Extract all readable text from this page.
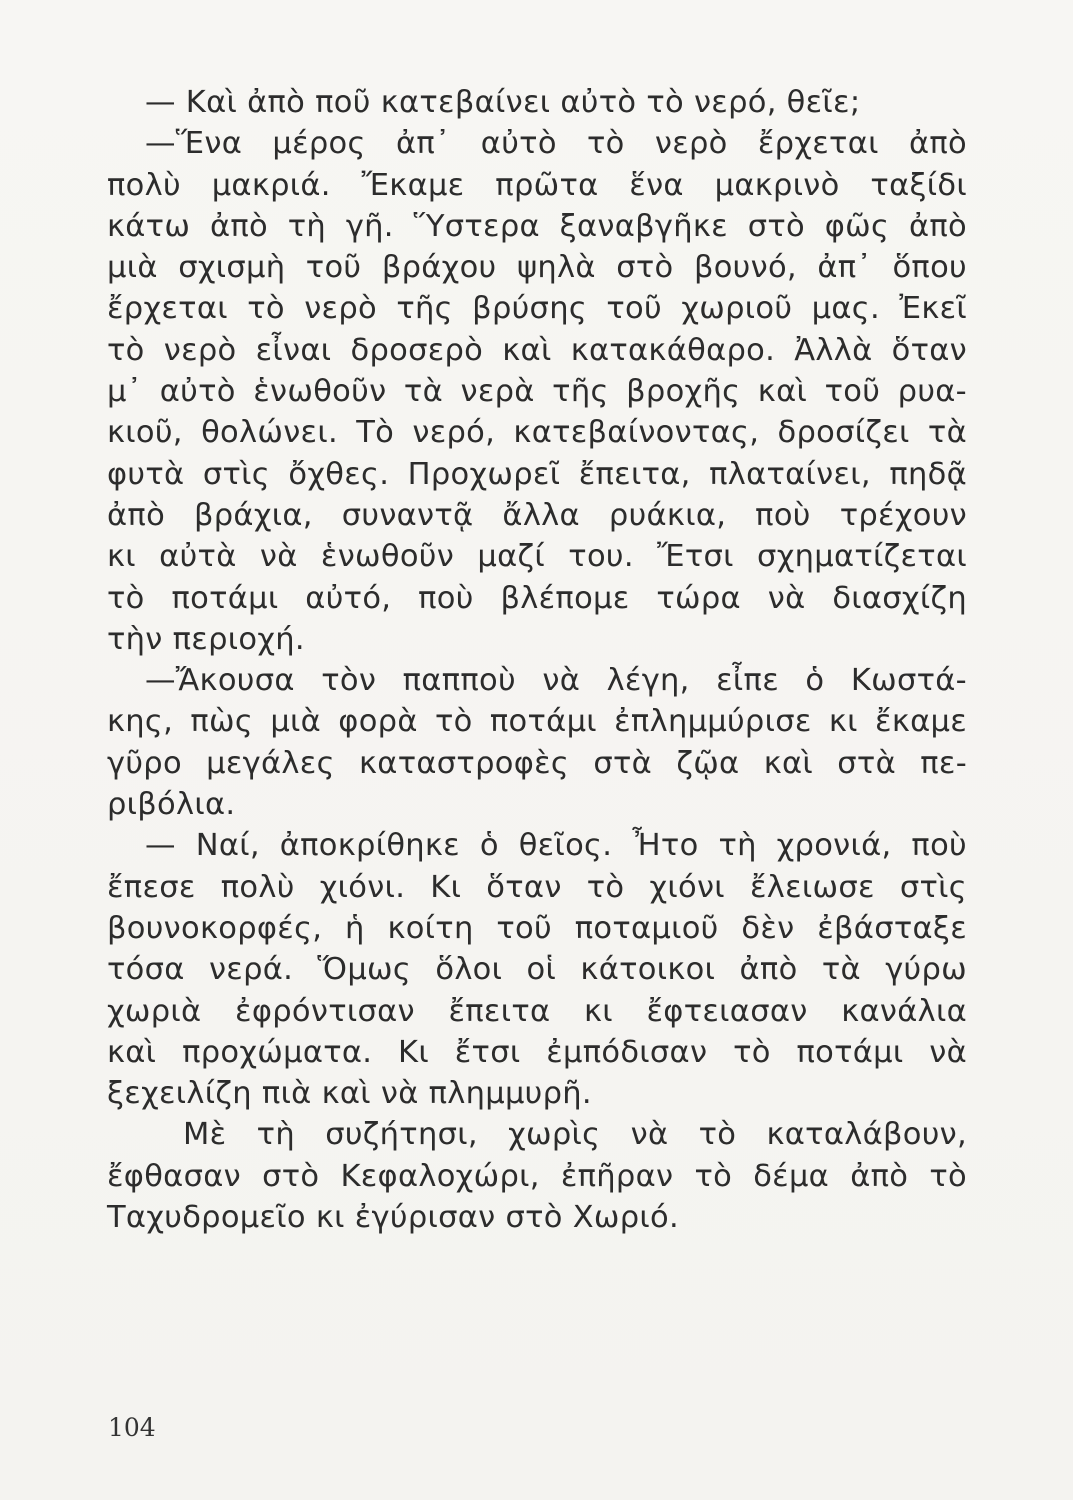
— Καὶ ἀπὸ ποῦ κατεβαίνει αὐτὸ τὸ νερό, θεῖε;
—Ἕνα μέρος ἀπ᾿ αὐτὸ τὸ νερὸ ἔρχεται ἀπὸ
πολὺ μακριά. Ἔκαμε πρῶτα ἕνα μακρινὸ ταξίδι
κάτω ἀπὸ τὴ γῆ. Ὕστερα ξαναβγῆκε στὸ φῶς ἀπὸ
μιὰ σχισμὴ τοῦ βράχου ψηλὰ στὸ βουνό, ἀπ᾿ ὅπου
ἔρχεται τὸ νερὸ τῆς βρύσης τοῦ χωριοῦ μας. Ἐκεῖ
τὸ νερὸ εἶναι δροσερὸ καὶ κατακάθαρο. Ἀλλὰ ὅταν
μ᾿ αὐτὸ ἑνωθοῦν τὰ νερὰ τῆς βροχῆς καὶ τοῦ ρυα-
κιοῦ, θολώνει. Τὸ νερό, κατεβαίνοντας, δροσίζει τὰ
φυτὰ στὶς ὄχθες. Προχωρεῖ ἔπειτα, πλαταίνει, πηδᾷ
ἀπὸ βράχια, συναντᾷ ἄλλα ρυάκια, ποὺ τρέχουν
κι αὐτὰ νὰ ἑνωθοῦν μαζί του. Ἔτσι σχηματίζεται
τὸ ποτάμι αὐτό, ποὺ βλέπομε τώρα νὰ διασχίζη
τὴν περιοχή.
—Ἄκουσα τὸν παπποὺ νὰ λέγη, εἶπε ὁ Κωστά-
κης, πὼς μιὰ φορὰ τὸ ποτάμι ἐπλημμύρισε κι ἔκαμε
γῦρο μεγάλες καταστροφὲς στὰ ζῷα καὶ στὰ πε-
ριβόλια.
— Ναί, ἀποκρίθηκε ὁ θεῖος. Ἦτο τὴ χρονιά, ποὺ
ἔπεσε πολὺ χιόνι. Κι ὅταν τὸ χιόνι ἔλειωσε στὶς
βουνοκορφές, ἡ κοίτη τοῦ ποταμιοῦ δὲν ἐβάσταξε
τόσα νερά. Ὅμως ὅλοι οἱ κάτοικοι ἀπὸ τὰ γύρω
χωριὰ ἐφρόντισαν ἔπειτα κι ἔφτειασαν κανάλια
καὶ προχώματα. Κι ἔτσι ἐμπόδισαν τὸ ποτάμι νὰ
ξεχειλίζη πιὰ καὶ νὰ πλημμυρῆ.
Μὲ τὴ συζήτησι, χωρὶς νὰ τὸ καταλάβουν,
ἔφθασαν στὸ Κεφαλοχώρι, ἐπῆραν τὸ δέμα ἀπὸ τὸ
Ταχυδρομεῖο κι ἐγύρισαν στὸ Χωριό.
104
